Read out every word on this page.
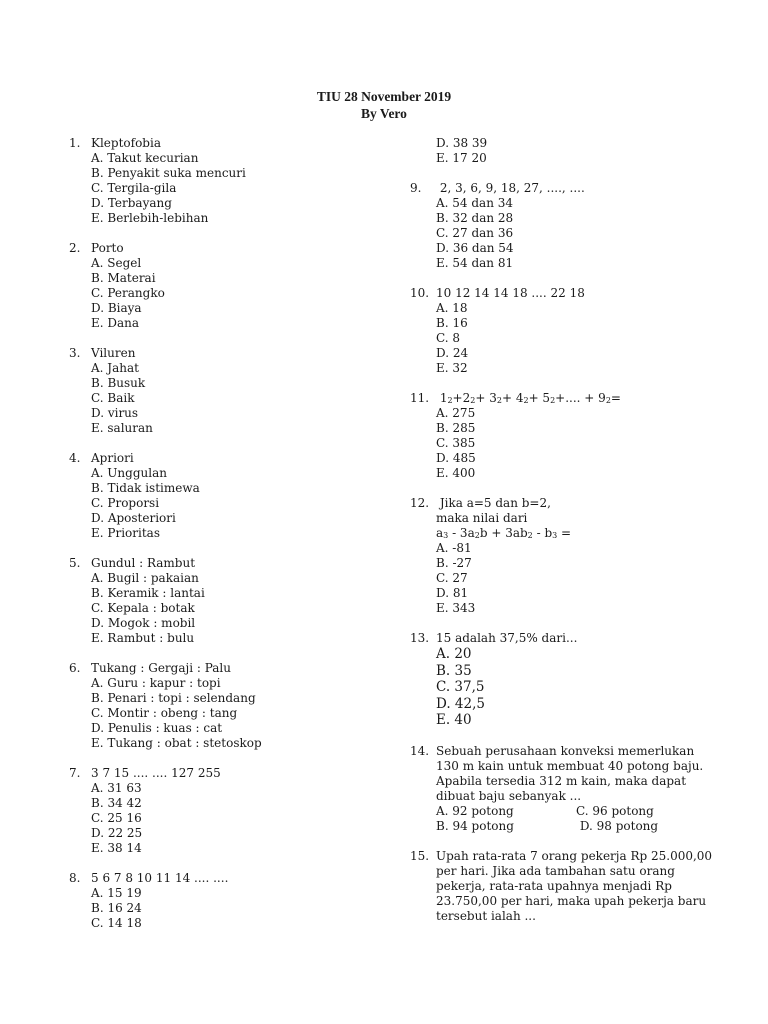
TIU 28 November 2019
By Vero
1. Kleptofobia
A. Takut kecurian
B. Penyakit suka mencuri
C. Tergila-gila
D. Terbayang
E. Berlebih-lebihan
2. Porto
A. Segel
B. Materai
C. Perangko
D. Biaya
E. Dana
3. Viluren
A. Jahat
B. Busuk
C. Baik
D. virus
E. saluran
4. Apriori
A. Unggulan
B. Tidak istimewa
C. Proporsi
D. Aposteriori
E. Prioritas
5. Gundul : Rambut
A. Bugil : pakaian
B. Keramik : lantai
C. Kepala : botak
D. Mogok : mobil
E. Rambut : bulu
6. Tukang : Gergaji : Palu
A. Guru : kapur : topi
B. Penari : topi : selendang
C. Montir : obeng : tang
D. Penulis : kuas : cat
E. Tukang : obat : stetoskop
7. 3 7 15 .... .... 127 255
A. 31 63
B. 34 42
C. 25 16
D. 22 25
E. 38 14
8. 5 6 7 8 10 11 14 .... ....
A. 15 19
B. 16 24
C. 14 18
D. 38 39
E. 17 20
9.	2, 3, 6, 9, 18, 27, ...., ....
A. 54 dan 34
B. 32 dan 28
C. 27 dan 36
D. 36 dan 54
E. 54 dan 81
10. 10 12 14 14 18 .... 22 18
A. 18
B. 16
C. 8
D. 24
E. 32
11. $1_2+2_2+ 3_2+ 4_2+ 5_2+$.... + $9_2=$
A. 275
B. 285
C. 385
D. 485
E. 400
12. Jika a=5 dan b=2,
maka nilai dari
$a_3 - 3a_2b + 3ab_2 - b_3$ =
A. -81
B. -27
C. 27
D. 81
E. 343
13. 15 adalah 37,5% dari...
A. 20
B. 35
C. 37,5
D. 42,5
E. 40
14. Sebuah perusahaan konveksi memerlukan
130 m kain untuk membuat 40 potong baju.
Apabila tersedia 312 m kain, maka dapat
dibuat baju sebanyak ...
A. 92 potong	C. 96 potong
B. 94 potong	D. 98 potong
15. Upah rata-rata 7 orang pekerja Rp 25.000,00
per hari. Jika ada tambahan satu orang
pekerja, rata-rata upahnya menjadi Rp
23.750,00 per hari, maka upah pekerja baru
tersebut ialah ...
